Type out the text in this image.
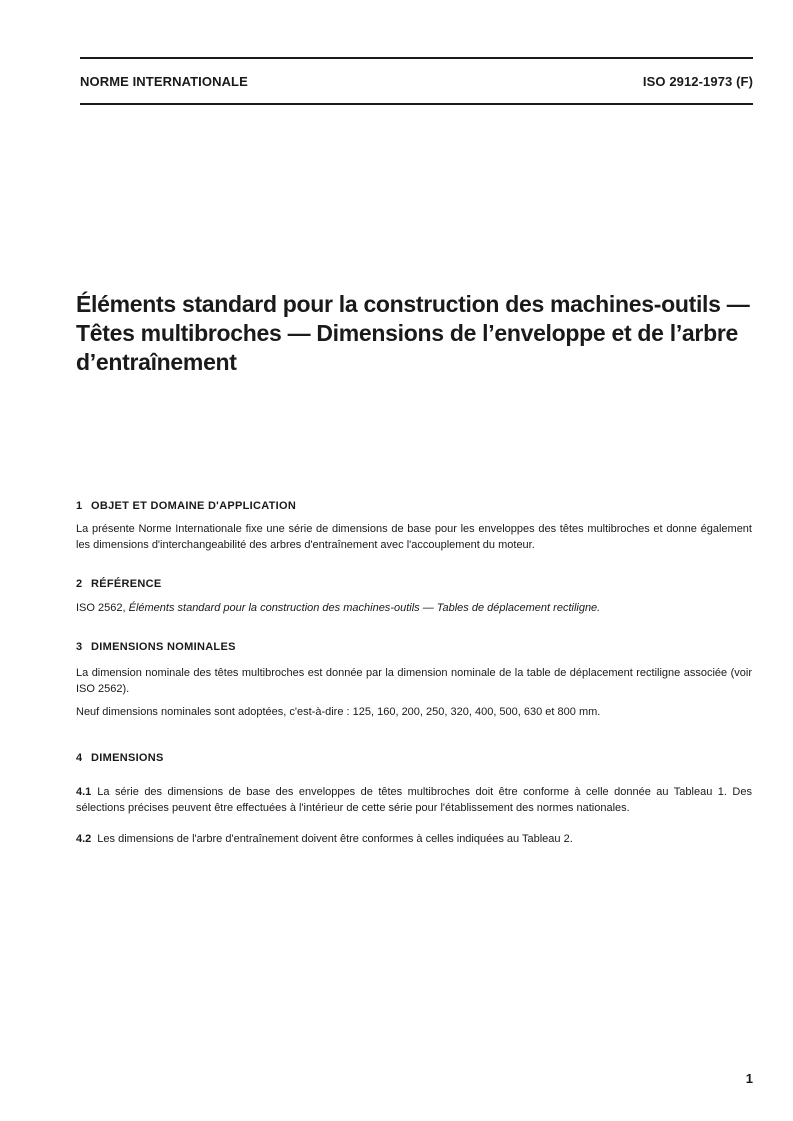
NORME INTERNATIONALE	ISO 2912-1973 (F)
Éléments standard pour la construction des machines-outils —
Têtes multibroches — Dimensions de l’enveloppe et de l’arbre
d’entraînement
1 OBJET ET DOMAINE D'APPLICATION

La présente Norme Internationale fixe une série de dimensions de base pour les enveloppes des têtes multibroches et donne également les dimensions d'interchangeabilité des arbres d'entraînement avec l'accouplement du moteur.

2 RÉFÉRENCE

ISO 2562, Éléments standard pour la construction des machines-outils — Tables de déplacement rectiligne.

3 DIMENSIONS NOMINALES

La dimension nominale des têtes multibroches est donnée par la dimension nominale de la table de déplacement rectiligne associée (voir ISO 2562).

Neuf dimensions nominales sont adoptées, c'est-à-dire : 125, 160, 200, 250, 320, 400, 500, 630 et 800 mm.

4 DIMENSIONS

4.1 La série des dimensions de base des enveloppes de têtes multibroches doit être conforme à celle donnée au Tableau 1. Des sélections précises peuvent être effectuées à l'intérieur de cette série pour l'établissement des normes nationales.

4.2 Les dimensions de l'arbre d'entraînement doivent être conformes à celles indiquées au Tableau 2.

1
